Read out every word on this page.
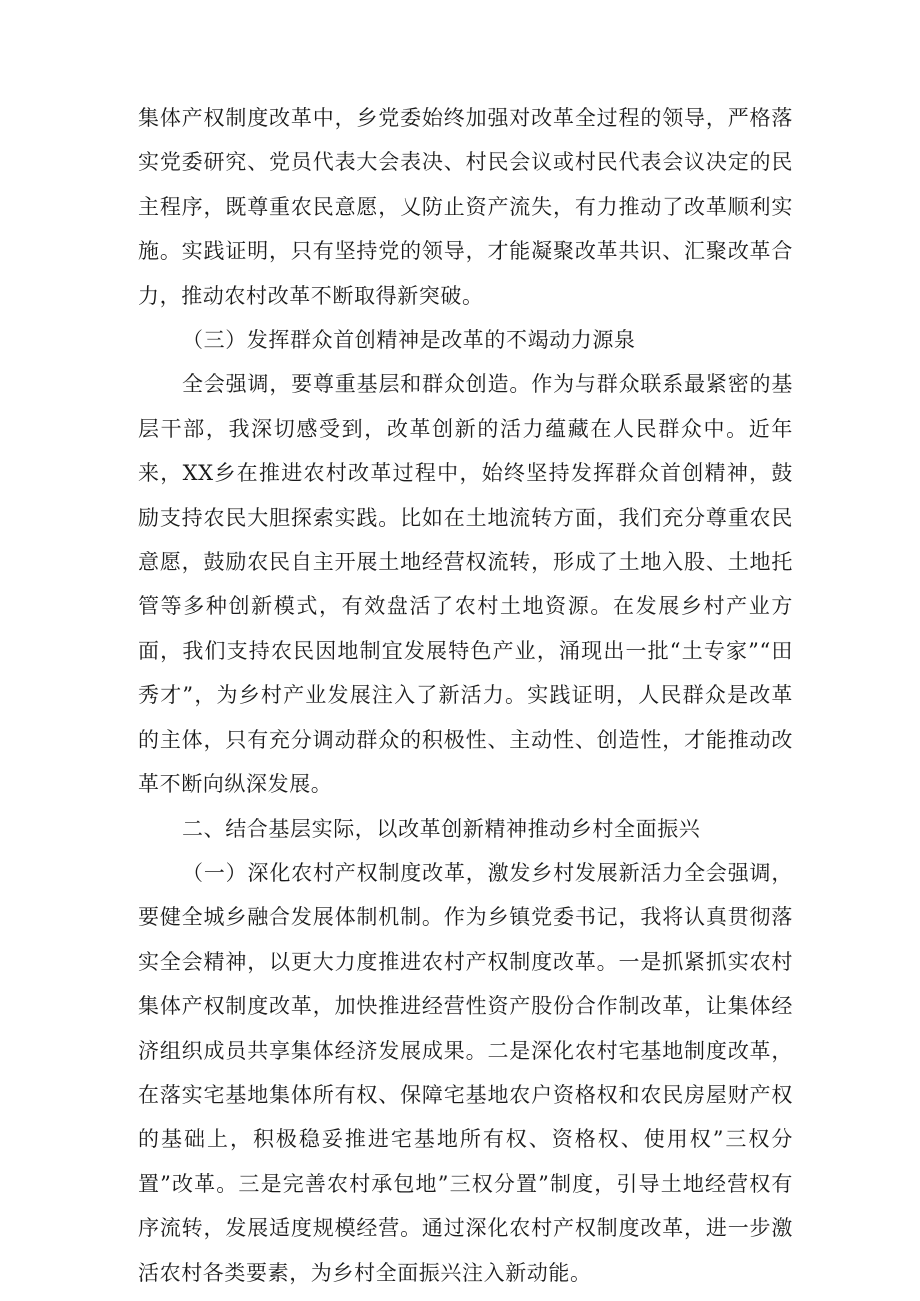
集体产权制度改革中，乡党委始终加强对改革全过程的领导，严格落实党委研究、党员代表大会表决、村民会议或村民代表会议决定的民主程序，既尊重农民意愿，乂防止资产流失，有力推动了改革顺利实施。实践证明，只有坚持党的领导，才能凝聚改革共识、汇聚改革合力，推动农村改革不断取得新突破。

（三）发挥群众首创精神是改革的不竭动力源泉

全会强调，要尊重基层和群众创造。作为与群众联系最紧密的基层干部，我深切感受到，改革创新的活力蕴藏在人民群众中。近年来，XX乡在推进农村改革过程中，始终坚持发挥群众首创精神，鼓励支持农民大胆探索实践。比如在土地流转方面，我们充分尊重农民意愿，鼓励农民自主开展土地经营权流转，形成了土地入股、土地托管等多种创新模式，有效盘活了农村土地资源。在发展乡村产业方面，我们支持农民因地制宜发展特色产业，涌现出一批“土专家”“田秀才”，为乡村产业发展注入了新活力。实践证明，人民群众是改革的主体，只有充分调动群众的积极性、主动性、创造性，才能推动改革不断向纵深发展。

二、结合基层实际，以改革创新精神推动乡村全面振兴

（一）深化农村产权制度改革，激发乡村发展新活力全会强调，要健全城乡融合发展体制机制。作为乡镇党委书记，我将认真贯彻落实全会精神，以更大力度推进农村产权制度改革。一是抓紧抓实农村集体产权制度改革，加快推进经营性资产股份合作制改革，让集体经济组织成员共享集体经济发展成果。二是深化农村宅基地制度改革，在落实宅基地集体所有权、保障宅基地农户资格权和农民房屋财产权的基础上，积极稳妥推进宅基地所有权、资格权、使用权”三权分置”改革。三是完善农村承包地”三权分置”制度，引导土地经营权有序流转，发展适度规模经营。通过深化农村产权制度改革，进一步激活农村各类要素，为乡村全面振兴注入新动能。
